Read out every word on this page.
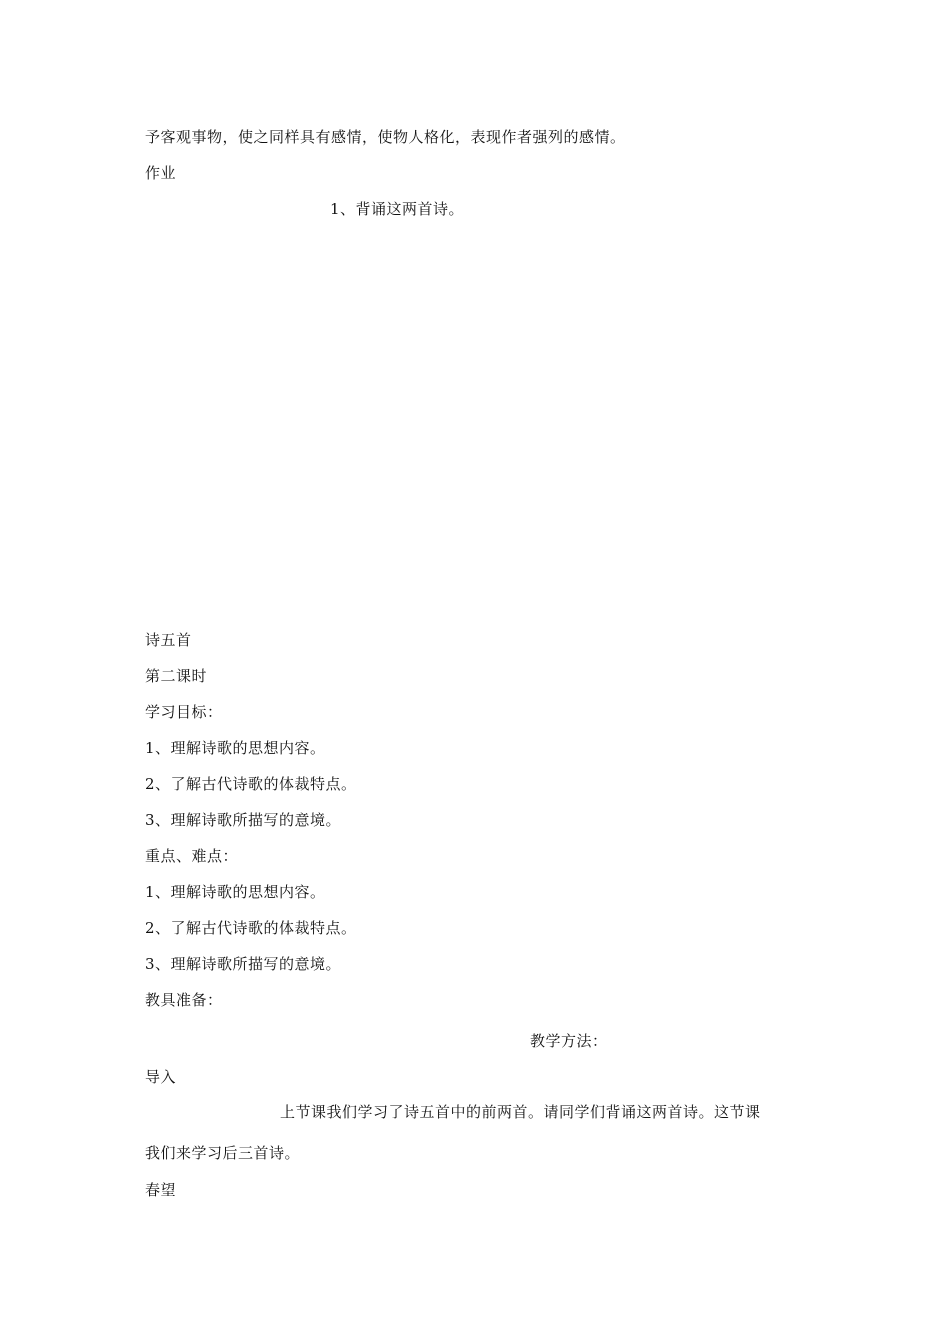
予客观事物，使之同样具有感情，使物人格化，表现作者强列的感情。
作业
1、背诵这两首诗。
诗五首
第二课时
学习目标：
1、理解诗歌的思想内容。
2、了解古代诗歌的体裁特点。
3、理解诗歌所描写的意境。
重点、难点：
1、理解诗歌的思想内容。
2、了解古代诗歌的体裁特点。
3、理解诗歌所描写的意境。
教具准备：
教学方法：
导入
上节课我们学习了诗五首中的前两首。请同学们背诵这两首诗。这节课
我们来学习后三首诗。
春望
